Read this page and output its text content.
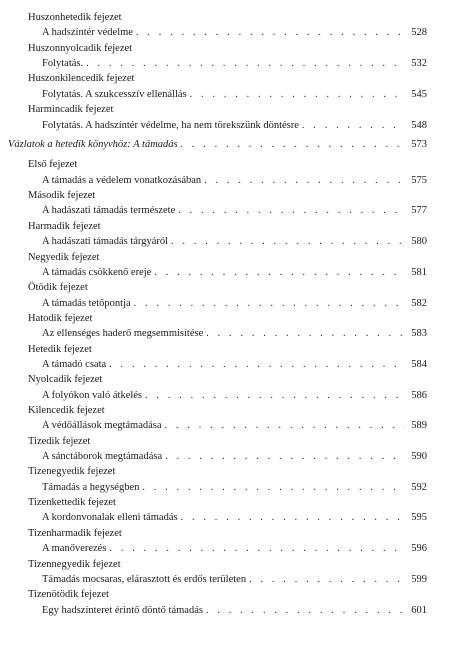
Huszonhetedik fejezet
A hadszíntér védelme . . .	528
Huszonnyolcadik fejezet
Folytatás. . . .	532
Huszonkilencedik fejezet
Folytatás. A szukcesszív ellenállás . . .	545
Harmincadik fejezet
Folytatás. A hadszíntér védelme, ha nem törekszünk döntésre . . .	548
Vázlatok a hetedik könyvhöz: A támadás . . .	573
Első fejezet
A támadás a védelem vonatkozásában . . .	575
Második fejezet
A hadászati támadás természete . . .	577
Harmadik fejezet
A hadászati támadás tárgyáról . . .	580
Negyedik fejezet
A támadás csökkenő ereje . . .	581
Ötödik fejezet
A támadás tetőpontja . . .	582
Hatodik fejezet
Az ellenséges haderő megsemmisítése . . .	583
Hetedik fejezet
A támadó csata . . .	584
Nyolcadik fejezet
A folyókon való átkelés . . .	586
Kilencedik fejezet
A védőállások megtámadása . . .	589
Tizedik fejezet
A sánctáborok megtámadása . . .	590
Tizenegyedik fejezet
Támadás a hegységben . . .	592
Tizenkettedik fejezet
A kordonvonalak elleni támadás . . .	595
Tizenharmadik fejezet
A manőverezés . . .	596
Tizennegyedik fejezet
Támadás mocsaras, elárasztott és erdős területen . . .	599
Tizenötödik fejezet
Egy hadszínteret érintő döntő támadás . . .	601
